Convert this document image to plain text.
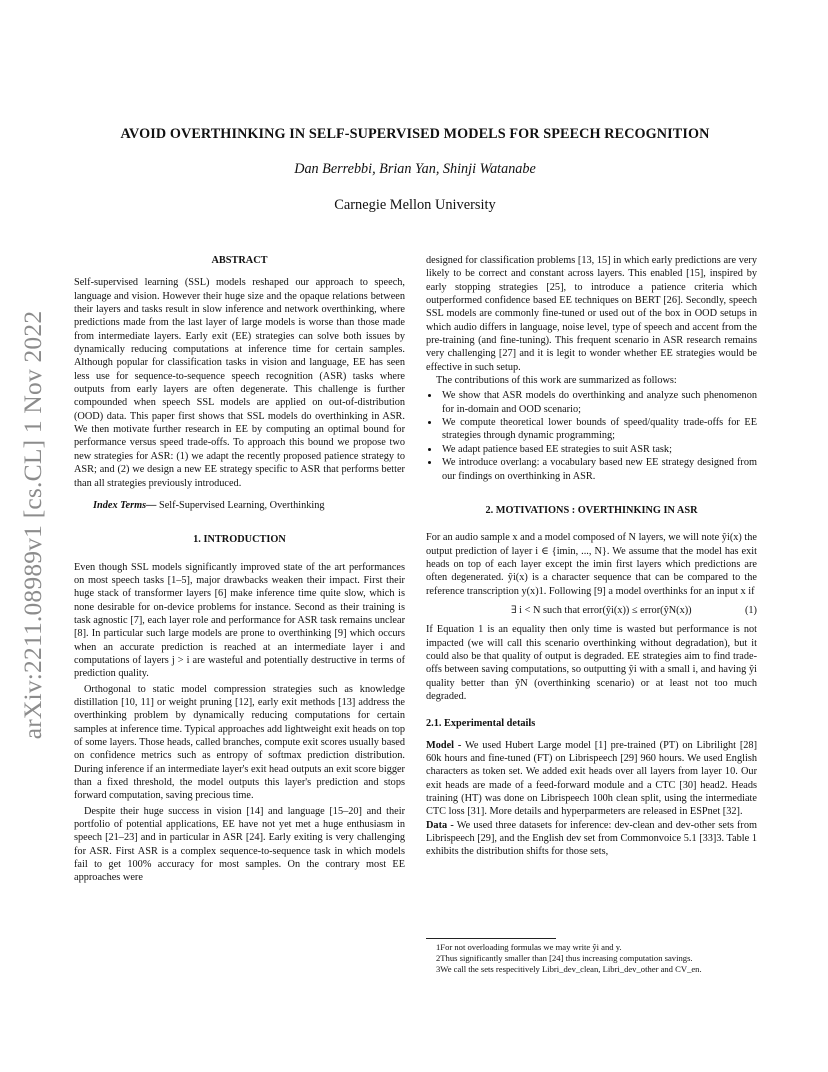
arXiv:2211.08989v1 [cs.CL] 1 Nov 2022
AVOID OVERTHINKING IN SELF-SUPERVISED MODELS FOR SPEECH RECOGNITION
Dan Berrebbi, Brian Yan, Shinji Watanabe
Carnegie Mellon University

ABSTRACT

Self-supervised learning (SSL) models reshaped our approach to speech, language and vision. However their huge size and the opaque relations between their layers and tasks result in slow inference and network overthinking, where predictions made from the last layer of large models is worse than those made from intermediate layers. Early exit (EE) strategies can solve both issues by dynamically reducing computations at inference time for certain samples. Although popular for classification tasks in vision and language, EE has seen less use for sequence-to-sequence speech recognition (ASR) tasks where outputs from early layers are often degenerate. This challenge is further compounded when speech SSL models are applied on out-of-distribution (OOD) data. This paper first shows that SSL models do overthinking in ASR. We then motivate further research in EE by computing an optimal bound for performance versus speed trade-offs. To approach this bound we propose two new strategies for ASR: (1) we adapt the recently proposed patience strategy to ASR; and (2) we design a new EE strategy specific to ASR that performs better than all strategies previously introduced.

Index Terms— Self-Supervised Learning, Overthinking

1. INTRODUCTION

Even though SSL models significantly improved state of the art performances on most speech tasks [1–5], major drawbacks weaken their impact. First their huge stack of transformer layers [6] make inference time quite slow, which is none desirable for on-device problems for instance. Second as their training is task agnostic [7], each layer role and performance for ASR task remains unclear [8]. In particular such large models are prone to overthinking [9] which occurs when an accurate prediction is reached at an intermediate layer i and computations of layers j > i are wasteful and potentially destructive in terms of prediction quality.

Orthogonal to static model compression strategies such as knowledge distillation [10, 11] or weight pruning [12], early exit methods [13] address the overthinking problem by dynamically reducing computations for certain samples at inference time. Typical approaches add lightweight exit heads on top of some layers. Those heads, called branches, compute exit scores usually based on confidence metrics such as entropy of softmax prediction distribution. During inference if an intermediate layer's exit head outputs an exit score bigger than a fixed threshold, the model outputs this layer's prediction and stops forward computation, saving precious time.

Despite their huge success in vision [14] and language [15–20] and their portfolio of potential applications, EE have not yet met a huge enthusiasm in speech [21–23] and in particular in ASR [24]. Early exiting is very challenging for ASR. First ASR is a complex sequence-to-sequence task in which models fail to get 100% accuracy for most samples. On the contrary most EE approaches were

designed for classification problems [13, 15] in which early predictions are very likely to be correct and constant across layers. This enabled [15], inspired by early stopping strategies [25], to introduce a patience criteria which outperformed confidence based EE techniques on BERT [26]. Secondly, speech SSL models are commonly fine-tuned or used out of the box in OOD setups in which audio differs in language, noise level, type of speech and accent from the pre-training (and fine-tuning). This frequent scenario in ASR research remains very challenging [27] and it is legit to wonder whether EE strategies would be effective in such setup.

The contributions of this work are summarized as follows:

• We show that ASR models do overthinking and analyze such phenomenon for in-domain and OOD scenario;
• We compute theoretical lower bounds of speed/quality trade-offs for EE strategies through dynamic programming;
• We adapt patience based EE strategies to suit ASR task;
• We introduce overlang: a vocabulary based new EE strategy designed from our findings on overthinking in ASR.

2. MOTIVATIONS : OVERTHINKING IN ASR

For an audio sample x and a model composed of N layers, we will note ŷi(x) the output prediction of layer i ∈ {imin, ..., N}. We assume that the model has exit heads on top of each layer except the imin first layers which predictions are often degenerated. ŷi(x) is a character sequence that can be compared to the reference transcription y(x)1. Following [9] a model overthinks for an input x if

∃ i < N such that error(ŷi(x)) ≤ error(ŷN(x))	(1)

If Equation 1 is an equality then only time is wasted but performance is not impacted (we will call this scenario overthinking without degradation), but it could also be that quality of output is degraded. EE strategies aim to find trade-offs between saving computations, so outputting ŷi with a small i, and having ŷi quality better than ŷN (overthinking scenario) or at least not too much degraded.

2.1. Experimental details

Model - We used Hubert Large model [1] pre-trained (PT) on Librilight [28] 60k hours and fine-tuned (FT) on Librispeech [29] 960 hours. We used English characters as token set. We added exit heads over all layers from layer 10. Our exit heads are made of a feed-forward module and a CTC [30] head2. Heads training (HT) was done on Librispeech 100h clean split, using the intermediate CTC loss [31]. More details and hyperparmeters are released in ESPnet [32].

Data - We used three datasets for inference: dev-clean and dev-other sets from Librispeech [29], and the English dev set from Commonvoice 5.1 [33]3. Table 1 exhibits the distribution shifts for those sets,

1For not overloading formulas we may write ŷi and y.

2Thus significantly smaller than [24] thus increasing computation savings.

3We call the sets respecitively Libri_dev_clean, Libri_dev_other and CV_en.
